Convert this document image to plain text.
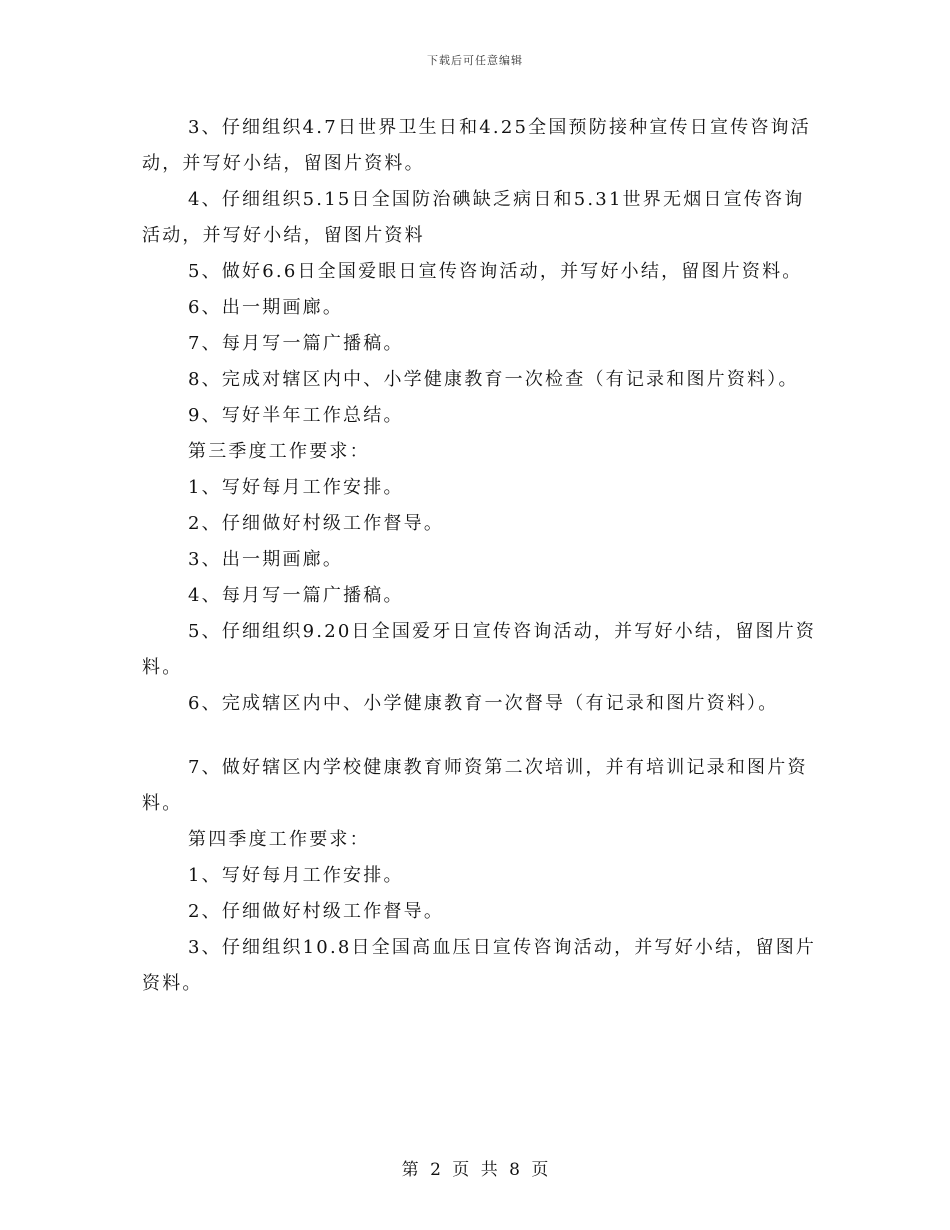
下载后可任意编辑

3、仔细组织4.7日世界卫生日和4.25全国预防接种宣传日宣传咨询活动，并写好小结，留图片资料。

4、仔细组织5.15日全国防治碘缺乏病日和5.31世界无烟日宣传咨询活动，并写好小结，留图片资料

5、做好6.6日全国爱眼日宣传咨询活动，并写好小结，留图片资料。

6、出一期画廊。

7、每月写一篇广播稿。

8、完成对辖区内中、小学健康教育一次检查（有记录和图片资料）。

9、写好半年工作总结。

第三季度工作要求：

1、写好每月工作安排。

2、仔细做好村级工作督导。

3、出一期画廊。

4、每月写一篇广播稿。

5、仔细组织9.20日全国爱牙日宣传咨询活动，并写好小结，留图片资料。

6、完成辖区内中、小学健康教育一次督导（有记录和图片资料）。

7、做好辖区内学校健康教育师资第二次培训，并有培训记录和图片资料。

第四季度工作要求：

1、写好每月工作安排。

2、仔细做好村级工作督导。

3、仔细组织10.8日全国高血压日宣传咨询活动，并写好小结，留图片资料。

第 2 页 共 8 页
